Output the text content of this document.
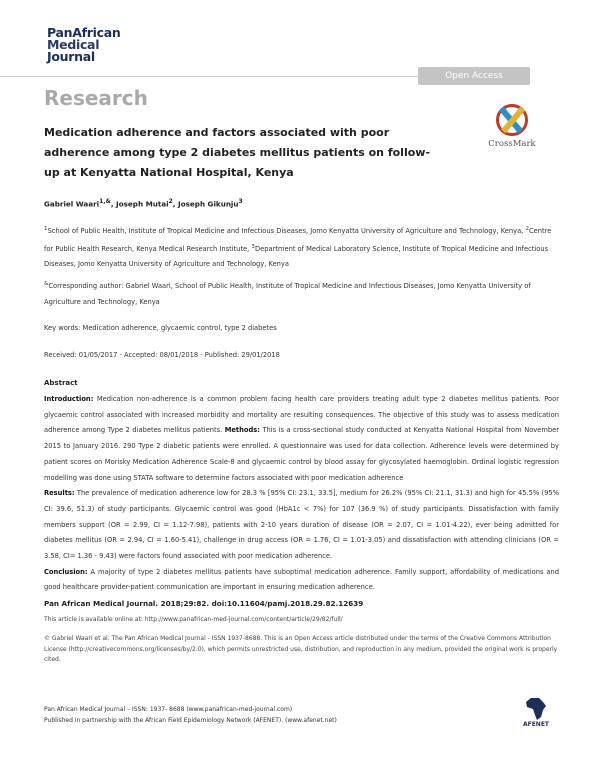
PanAfrican
Medical
Journal
Open Access
Research
Medication adherence and factors associated with poor adherence among type 2 diabetes mellitus patients on follow-up at Kenyatta National Hospital, Kenya
CrossMark
Gabriel Waari$^{1,\&}$, Joseph Mutai$^2$, Joseph Gikunju$^3$
$^1$School of Public Health, Institute of Tropical Medicine and Infectious Diseases, Jomo Kenyatta University of Agriculture and Technology, Kenya, $^2$Centre for Public Health Research, Kenya Medical Research Institute, $^3$Department of Medical Laboratory Science, Institute of Tropical Medicine and Infectious Diseases, Jomo Kenyatta University of Agriculture and Technology, Kenya
&Corresponding author: Gabriel Waari, School of Public Health, Institute of Tropical Medicine and Infectious Diseases, Jomo Kenyatta University of Agriculture and Technology, Kenya
Key words: Medication adherence, glycaemic control, type 2 diabetes
Received: 01/05/2017 - Accepted: 08/01/2018 - Published: 29/01/2018
Abstract
Introduction: Medication non-adherence is a common problem facing health care providers treating adult type 2 diabetes mellitus patients. Poor glycaemic control associated with increased morbidity and mortality are resulting consequences. The objective of this study was to assess medication adherence among Type 2 diabetes mellitus patients. Methods: This is a cross-sectional study conducted at Kenyatta National Hospital from November 2015 to January 2016. 290 Type 2 diabetic patients were enrolled. A questionnaire was used for data collection. Adherence levels were determined by patient scores on Morisky Medication Adherence Scale-8 and glycaemic control by blood assay for glycosylated haemoglobin. Ordinal logistic regression modelling was done using STATA software to determine factors associated with poor medication adherence
Results: The prevalence of medication adherence low for 28.3 % [95% CI: 23.1, 33.5], medium for 26.2% (95% CI: 21.1, 31.3) and high for 45.5% (95% CI: 39.6, 51.3) of study participants. Glycaemic control was good (HbA1c < 7%) for 107 (36.9 %) of study participants. Dissatisfaction with family members support (OR = 2.99, CI = 1.12-7.98), patients with 2-10 years duration of disease (OR = 2.07, CI = 1.01-4.22), ever being admitted for diabetes mellitus (OR = 2.94, CI = 1.60-5.41), challenge in drug access (OR = 1.76, CI = 1.01-3.05) and dissatisfaction with attending clinicians (OR = 3.58, CI= 1.36 - 9.43) were factors found associated with poor medication adherence.
Conclusion: A majority of type 2 diabetes mellitus patients have suboptimal medication adherence. Family support, affordability of medications and good healthcare provider-patient communication are important in ensuring medication adherence.
Pan African Medical Journal. 2018;29:82. doi:10.11604/pamj.2018.29.82.12639
This article is available online at: http://www.panafrican-med-journal.com/content/article/29/82/full/
© Gabriel Waari et al. The Pan African Medical Journal - ISSN 1937-8688. This is an Open Access article distributed under the terms of the Creative Commons Attribution License (http://creativecommons.org/licenses/by/2.0), which permits unrestricted use, distribution, and reproduction in any medium, provided the original work is properly cited.
Pan African Medical Journal – ISSN: 1937- 8688 (www.panafrican-med-journal.com)
Published in partnership with the African Field Epidemiology Network (AFENET). (www.afenet.net)
AFENET
